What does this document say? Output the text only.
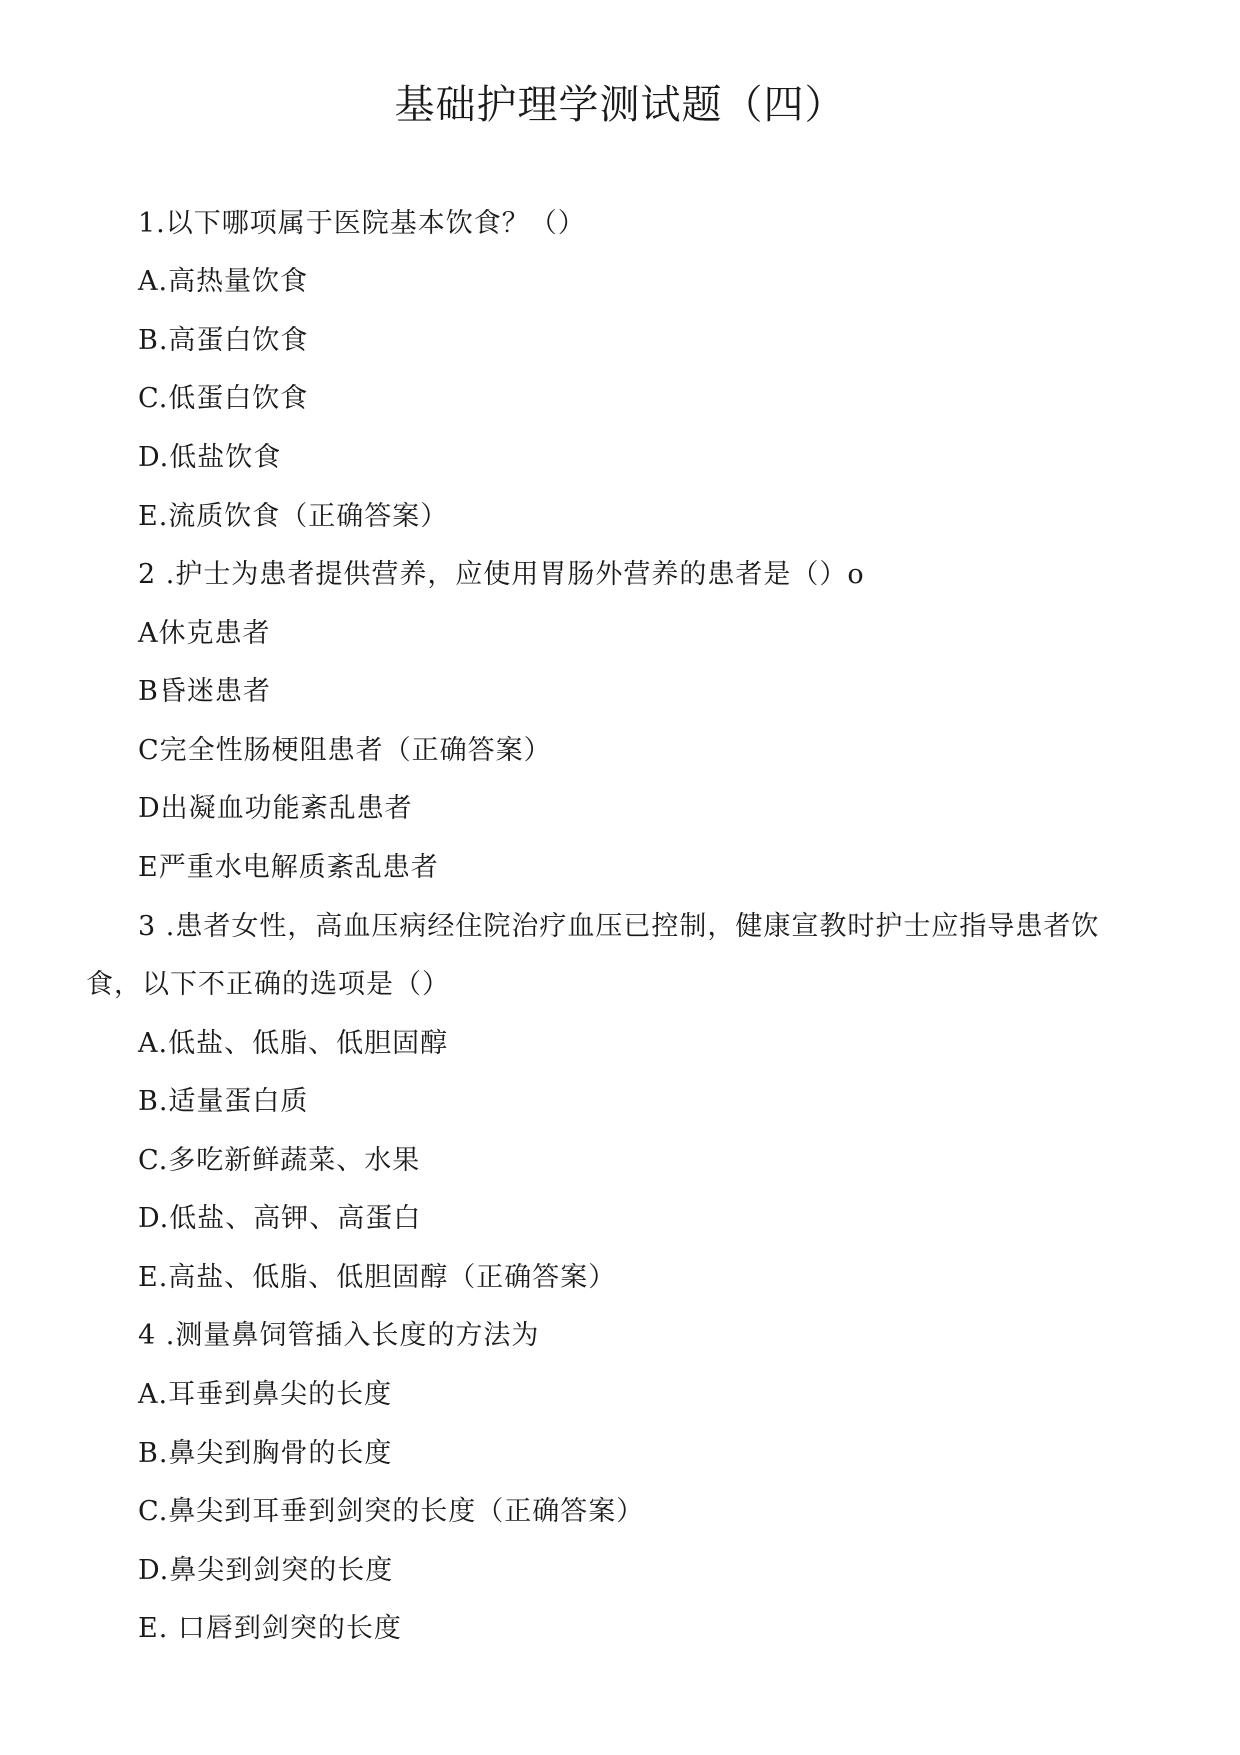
基础护理学测试题（四）
1.以下哪项属于医院基本饮食？（）
A.高热量饮食
B.高蛋白饮食
C.低蛋白饮食
D.低盐饮食
E.流质饮食（正确答案）
2 .护士为患者提供营养，应使用胃肠外营养的患者是（）o
A休克患者
B昏迷患者
C完全性肠梗阻患者（正确答案）
D出凝血功能紊乱患者
E严重水电解质紊乱患者
3 .患者女性，高血压病经住院治疗血压已控制，健康宣教时护士应指导患者饮
食，以下不正确的选项是（）
A.低盐、低脂、低胆固醇
B.适量蛋白质
C.多吃新鲜蔬菜、水果
D.低盐、高钾、高蛋白
E.高盐、低脂、低胆固醇（正确答案）
4 .测量鼻饲管插入长度的方法为
A.耳垂到鼻尖的长度
B.鼻尖到胸骨的长度
C.鼻尖到耳垂到剑突的长度（正确答案）
D.鼻尖到剑突的长度
E. 口唇到剑突的长度
